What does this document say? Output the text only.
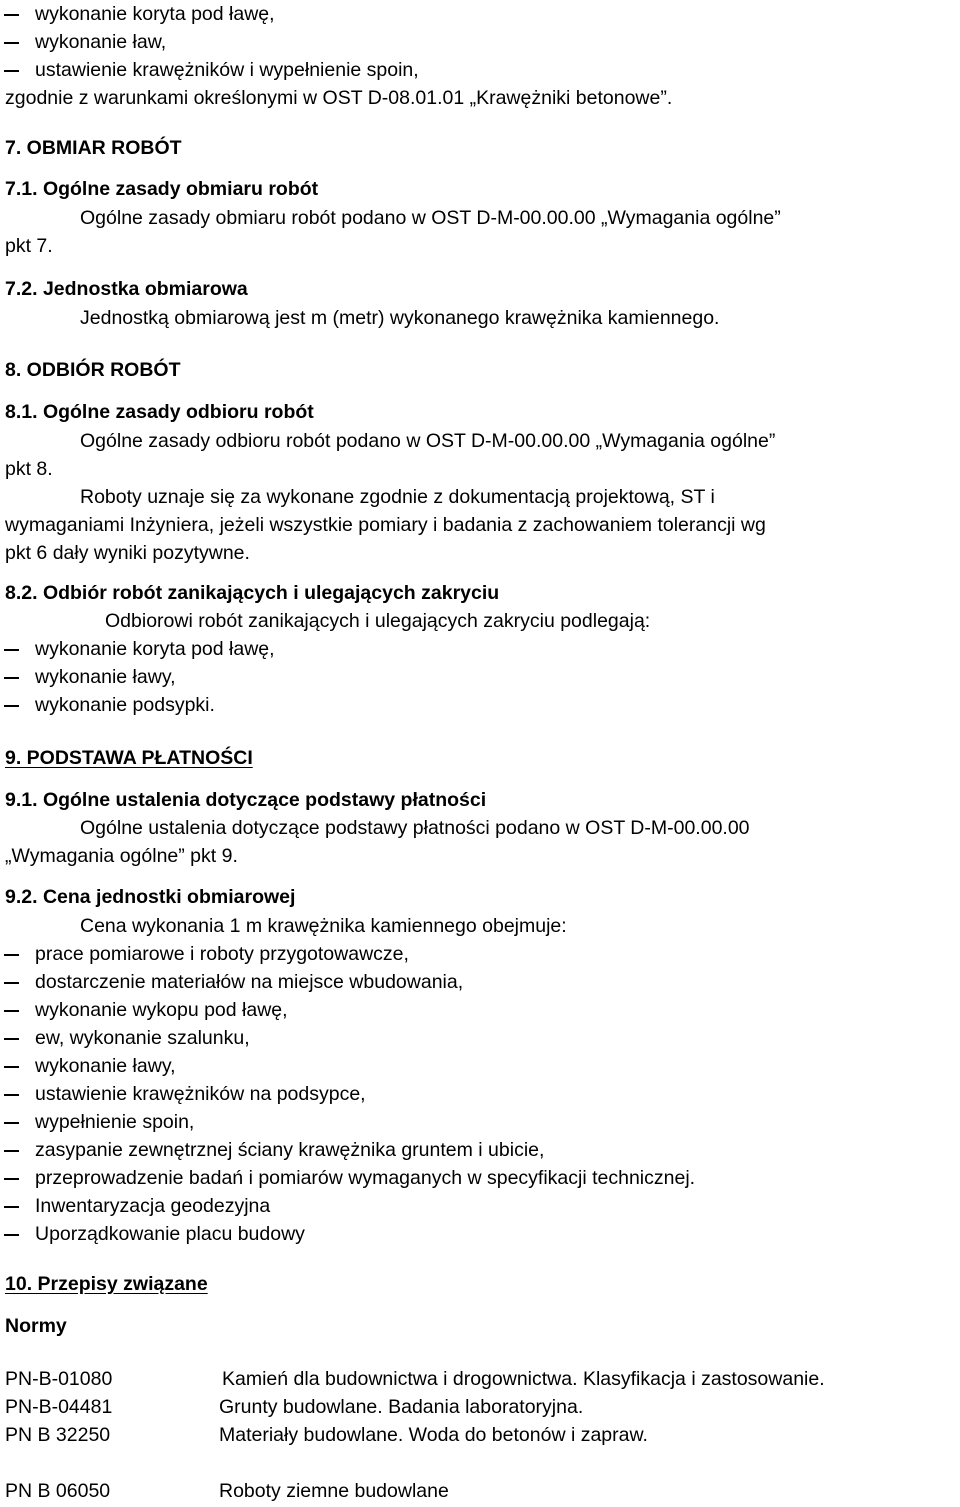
wykonanie koryta pod ławę,
wykonanie ław,
ustawienie krawężników i wypełnienie spoin,
zgodnie z warunkami określonymi w OST D-08.01.01 „Krawężniki betonowe”.
7. OBMIAR ROBÓT
7.1. Ogólne zasady obmiaru robót
Ogólne zasady obmiaru robót podano w OST D-M-00.00.00 „Wymagania ogólne”
pkt 7.
7.2. Jednostka obmiarowa
Jednostką obmiarową jest m (metr) wykonanego krawężnika kamiennego.
8. ODBIÓR ROBÓT
8.1. Ogólne zasady odbioru robót
Ogólne zasady odbioru robót podano w OST D-M-00.00.00 „Wymagania ogólne”
pkt 8.
Roboty uznaje się za wykonane zgodnie z dokumentacją projektową, ST i
wymaganiami Inżyniera, jeżeli wszystkie pomiary i badania z zachowaniem tolerancji wg
pkt 6 dały wyniki pozytywne.
8.2. Odbiór robót zanikających i ulegających zakryciu
Odbiorowi robót zanikających i ulegających zakryciu podlegają:
wykonanie koryta pod ławę,
wykonanie ławy,
wykonanie podsypki.
9. PODSTAWA PŁATNOŚCI
9.1. Ogólne ustalenia dotyczące podstawy płatności
Ogólne ustalenia dotyczące podstawy płatności podano w OST D-M-00.00.00
„Wymagania ogólne” pkt 9.
9.2. Cena jednostki obmiarowej
Cena wykonania 1 m krawężnika kamiennego obejmuje:
prace pomiarowe i roboty przygotowawcze,
dostarczenie materiałów na miejsce wbudowania,
wykonanie wykopu pod ławę,
ew, wykonanie szalunku,
wykonanie ławy,
ustawienie krawężników na podsypce,
wypełnienie spoin,
zasypanie zewnętrznej ściany krawężnika gruntem i ubicie,
przeprowadzenie badań i pomiarów wymaganych w specyfikacji technicznej.
Inwentaryzacja geodezyjna
Uporządkowanie placu budowy
10. Przepisy związane
Normy
PN-B-01080	Kamień dla budownictwa i drogownictwa. Klasyfikacja i zastosowanie.
PN-B-04481	Grunty budowlane. Badania laboratoryjna.
PN B 32250	Materiały budowlane. Woda do betonów i zapraw.
PN B 06050	Roboty ziemne budowlane
